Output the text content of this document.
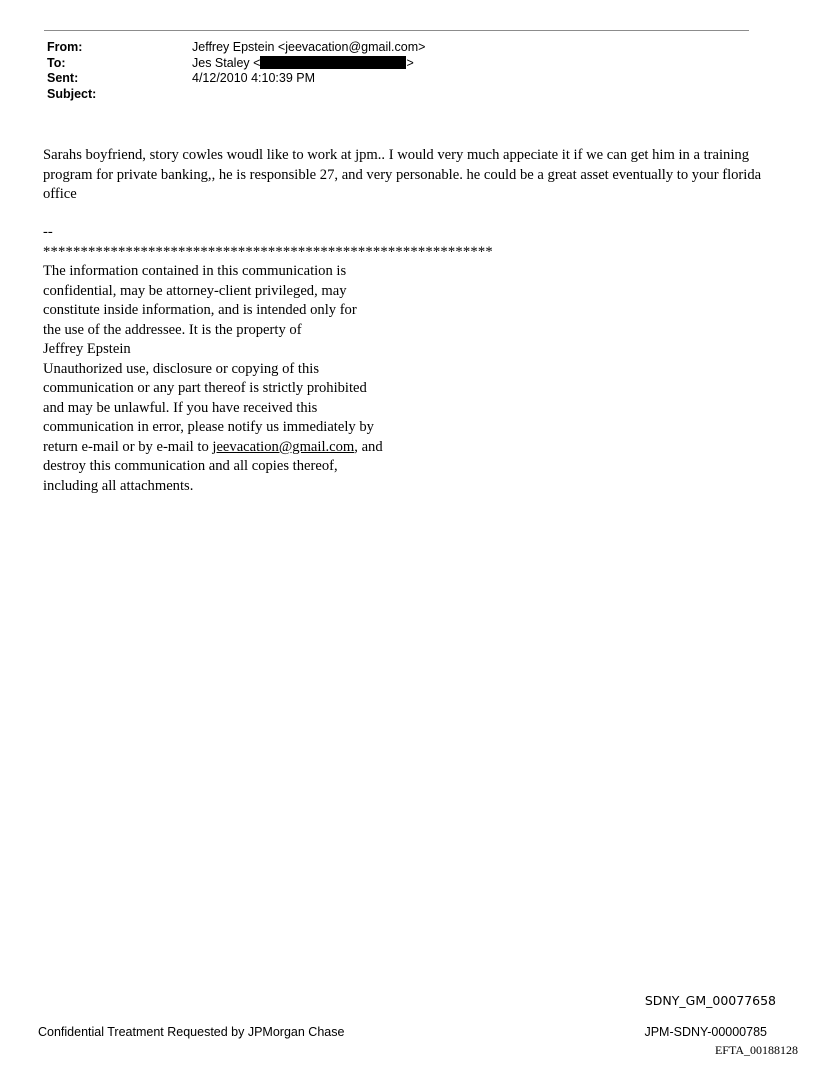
From:	Jeffrey Epstein <jeevacation@gmail.com>
To:	Jes Staley <	>
Sent:	4/12/2010 4:10:39 PM
Subject:
Sarahs boyfriend, story cowles woudl like to work at jpm.. I would very much appeciate it if we can get him in a training program for private banking,, he is responsible 27, and very personable. he could be a great asset eventually to your florida office
--
************************************************************
The information contained in this communication is
confidential, may be attorney-client privileged, may
constitute inside information, and is intended only for
the use of the addressee. It is the property of
Jeffrey Epstein
Unauthorized use, disclosure or copying of this
communication or any part thereof is strictly prohibited
and may be unlawful. If you have received this
communication in error, please notify us immediately by
return e-mail or by e-mail to jeevacation@gmail.com, and
destroy this communication and all copies thereof,
including all attachments.
SDNY_GM_00077658
Confidential Treatment Requested by JPMorgan Chase	JPM-SDNY-00000785
EFTA_00188128
